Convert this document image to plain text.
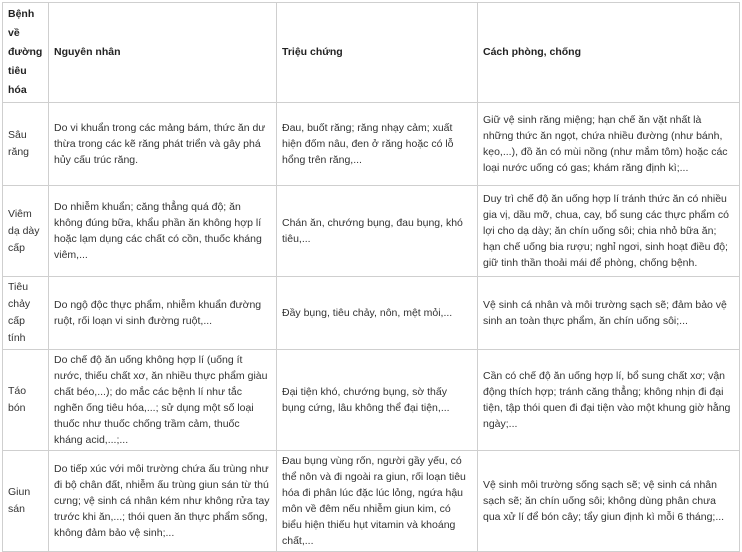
Bệnh về đường tiêu hóa	Nguyên nhân	Triệu chứng	Cách phòng, chống
Sâu răng	Do vi khuẩn trong các mảng bám, thức ăn dư thừa trong các kẽ răng phát triển và gây phá hủy cấu trúc răng.	Đau, buốt răng; răng nhạy cảm; xuất hiện đốm nâu, đen ở răng hoặc có lỗ hổng trên răng,...	Giữ vệ sinh răng miệng; hạn chế ăn vặt nhất là những thức ăn ngọt, chứa nhiều đường (như bánh, kẹo,...), đồ ăn có mùi nồng (như mắm tôm) hoặc các loại nước uống có gas; khám răng định kì;...
Viêm dạ dày cấp	Do nhiễm khuẩn; căng thẳng quá độ; ăn không đúng bữa, khẩu phần ăn không hợp lí hoặc lạm dụng các chất có cồn, thuốc kháng viêm,...	Chán ăn, chướng bụng, đau bụng, khó tiêu,...	Duy trì chế độ ăn uống hợp lí tránh thức ăn có nhiều gia vị, dầu mỡ, chua, cay, bổ sung các thực phẩm có lợi cho dạ dày; ăn chín uống sôi; chia nhỏ bữa ăn; hạn chế uống bia rượu; nghỉ ngơi, sinh hoạt điều độ; giữ tinh thần thoải mái để phòng, chống bệnh.
Tiêu chảy cấp tính	Do ngộ độc thực phẩm, nhiễm khuẩn đường ruột, rối loạn vi sinh đường ruột,...	Đầy bụng, tiêu chảy, nôn, mệt mỏi,...	Vệ sinh cá nhân và môi trường sạch sẽ; đảm bảo vệ sinh an toàn thực phẩm, ăn chín uống sôi;...
Táo bón	Do chế độ ăn uống không hợp lí (uống ít nước, thiếu chất xơ, ăn nhiều thực phẩm giàu chất béo,...); do mắc các bệnh lí như tắc nghẽn ống tiêu hóa,...; sử dụng một số loại thuốc như thuốc chống trầm cảm, thuốc kháng acid,...;...	Đại tiện khó, chướng bụng, sờ thấy bụng cứng, lâu không thể đại tiện,...	Cần có chế độ ăn uống hợp lí, bổ sung chất xơ; vận động thích hợp; tránh căng thẳng; không nhịn đi đại tiện, tập thói quen đi đại tiện vào một khung giờ hằng ngày;...
Giun sán	Do tiếp xúc với môi trường chứa ấu trùng như đi bộ chân đất, nhiễm ấu trùng giun sán từ thú cưng; vệ sinh cá nhân kém như không rửa tay trước khi ăn,...; thói quen ăn thực phẩm sống, không đảm bảo vệ sinh;...	Đau bụng vùng rốn, người gầy yếu, có thể nôn và đi ngoài ra giun, rối loạn tiêu hóa đi phân lúc đặc lúc lỏng, ngứa hậu môn về đêm nếu nhiễm giun kim, có biểu hiện thiếu hụt vitamin và khoáng chất,...	Vệ sinh môi trường sống sạch sẽ; vệ sinh cá nhân sạch sẽ; ăn chín uống sôi; không dùng phân chưa qua xử lí để bón cây; tẩy giun định kì mỗi 6 tháng;...
